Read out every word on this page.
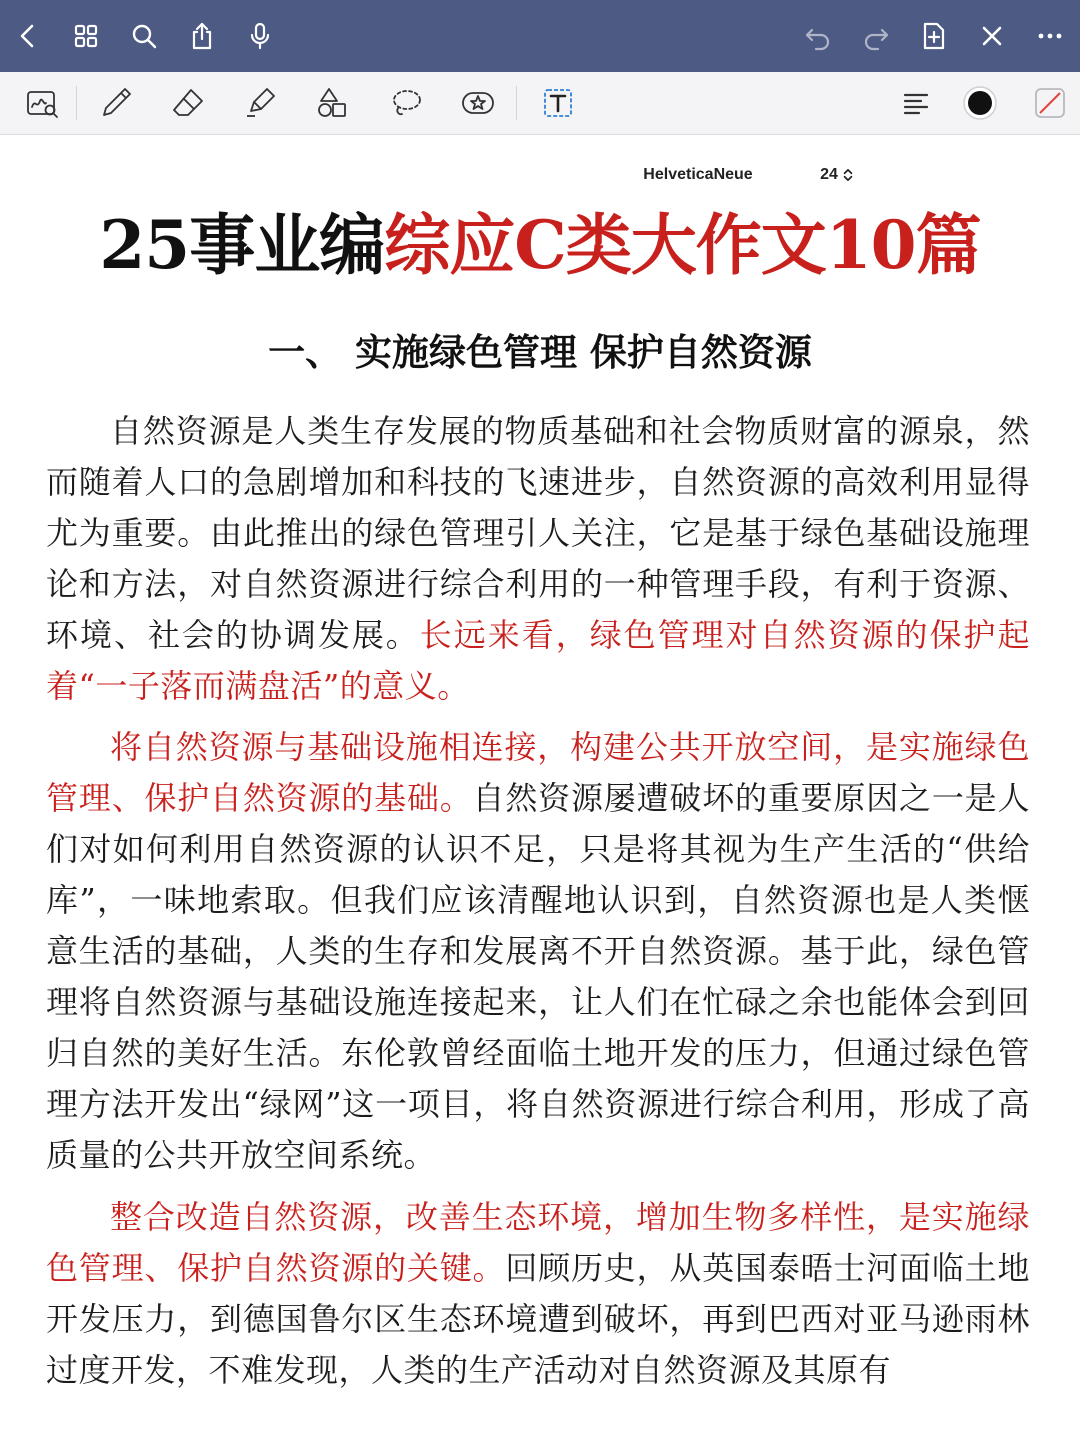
HelveticaNeue	24
25事业编综应C类大作文10篇
一、 实施绿色管理 保护自然资源
自然资源是人类生存发展的物质基础和社会物质财富的源泉，然而随着人口的急剧增加和科技的飞速进步，自然资源的高效利用显得尤为重要。由此推出的绿色管理引人关注，它是基于绿色基础设施理论和方法，对自然资源进行综合利用的一种管理手段，有利于资源、环境、社会的协调发展。长远来看，绿色管理对自然资源的保护起着“一子落而满盘活”的意义。
将自然资源与基础设施相连接，构建公共开放空间，是实施绿色管理、保护自然资源的基础。自然资源屡遭破坏的重要原因之一是人们对如何利用自然资源的认识不足，只是将其视为生产生活的“供给库”，一味地索取。但我们应该清醒地认识到，自然资源也是人类惬意生活的基础，人类的生存和发展离不开自然资源。基于此，绿色管理将自然资源与基础设施连接起来，让人们在忙碌之余也能体会到回归自然的美好生活。东伦敦曾经面临土地开发的压力，但通过绿色管理方法开发出“绿网”这一项目，将自然资源进行综合利用，形成了高质量的公共开放空间系统。
整合改造自然资源，改善生态环境，增加生物多样性，是实施绿色管理、保护自然资源的关键。回顾历史，从英国泰晤士河面临土地开发压力，到德国鲁尔区生态环境遭到破坏，再到巴西对亚马逊雨林过度开发，不难发现，人类的生产活动对自然资源及其原有
